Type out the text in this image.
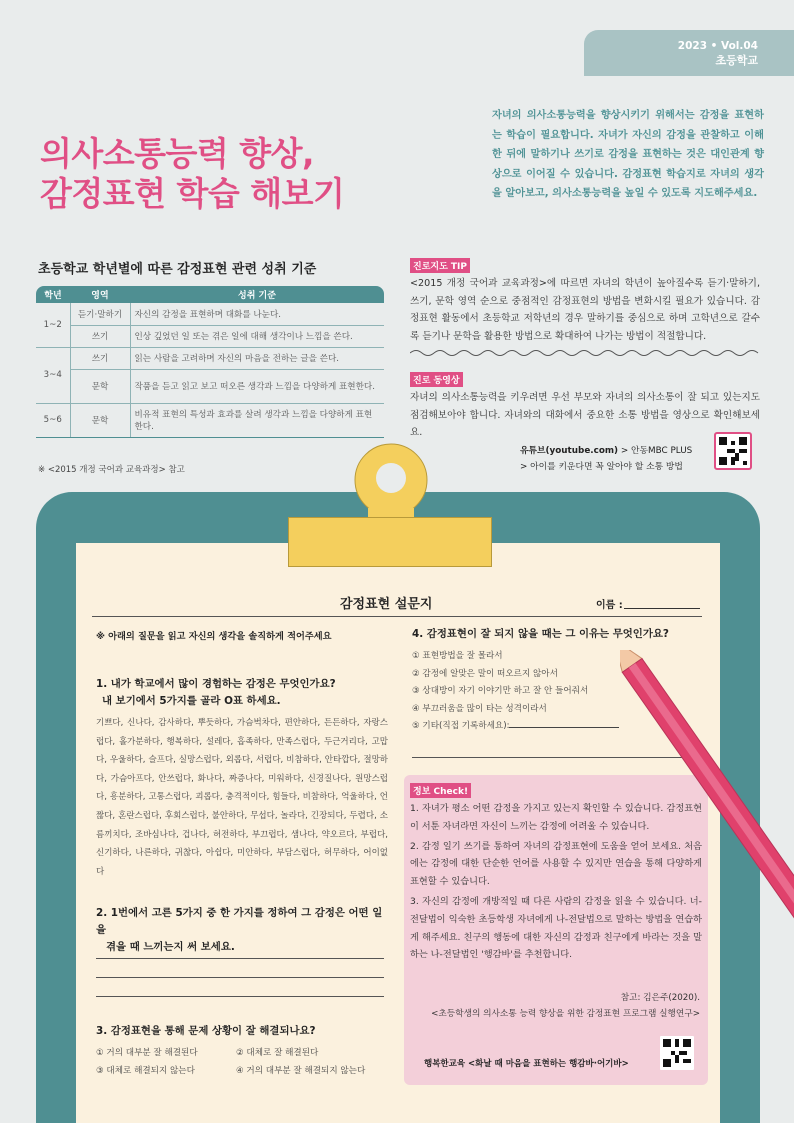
2023 • Vol.04
초등학교
의사소통능력 향상,
감정표현 학습 해보기
자녀의 의사소통능력을 향상시키기 위해서는 감정을 표현하는 학습이 필요합니다. 자녀가 자신의 감정을 관찰하고 이해한 뒤에 말하기나 쓰기로 감정을 표현하는 것은 대인관계 향상으로 이어질 수 있습니다. 감정표현 학습지로 자녀의 생각을 알아보고, 의사소통능력을 높일 수 있도록 지도해주세요.
초등학교 학년별에 따른 감정표현 관련 성취 기준
학년	영역	성취 기준
1~2	듣기·말하기	자신의 감정을 표현하며 대화를 나눈다.
	쓰기	인상 깊었던 일 또는 겪은 일에 대해 생각이나 느낌을 쓴다.
3~4	쓰기	읽는 사람을 고려하며 자신의 마음을 전하는 글을 쓴다.
	문학	작품을 듣고 읽고 보고 떠오른 생각과 느낌을 다양하게 표현한다.
5~6	문학	비유적 표현의 특성과 효과를 살려 생각과 느낌을 다양하게 표현한다.
※ <2015 개정 국어과 교육과정> 참고
진로지도 TIP

<2015 개정 국어과 교육과정>에 따르면 자녀의 학년이 높아질수록 듣기·말하기, 쓰기, 문학 영역 순으로 중점적인 감정표현의 방법을 변화시킬 필요가 있습니다. 감정표현 활동에서 초등학교 저학년의 경우 말하기를 중심으로 하며 고학년으로 갈수록 듣기나 문학을 활용한 방법으로 확대하여 나가는 방법이 적절합니다.

진로 동영상

자녀의 의사소통능력을 키우려면 우선 부모와 자녀의 의사소통이 잘 되고 있는지도 점검해보아야 합니다. 자녀와의 대화에서 중요한 소통 방법을 영상으로 확인해보세요.

유튜브(youtube.com) > 안동MBC PLUS
> 아이를 키운다면 꼭 알아야 할 소통 방법
감정표현 설문지	이름 :
※ 아래의 질문을 읽고 자신의 생각을 솔직하게 적어주세요
1. 내가 학교에서 많이 경험하는 감정은 무엇인가요?
내 보기에서 5가지를 골라 O표 하세요.
기쁘다, 신나다, 감사하다, 뿌듯하다, 가슴벅차다, 편안하다, 든든하다, 자랑스럽다, 홀가분하다, 행복하다, 설레다, 흡족하다, 만족스럽다, 두근거리다, 고맙다, 우울하다, 슬프다, 실망스럽다, 외롭다, 서럽다, 비참하다, 안타깝다, 절망하다, 가슴아프다, 안쓰럽다, 화나다, 짜증나다, 미워하다, 신경질나다, 원망스럽다, 흥분하다, 고통스럽다, 괴롭다, 충격적이다, 힘들다, 비참하다, 억울하다, 언짢다, 혼란스럽다, 후회스럽다, 불안하다, 무섭다, 놀라다, 긴장되다, 두렵다, 소름끼치다, 조바심나다, 겁나다, 허전하다, 부끄럽다, 샘나다, 약오르다, 부럽다, 신기하다, 나른하다, 귀찮다, 아쉽다, 미안하다, 부담스럽다, 허무하다, 어이없다
2. 1번에서 고른 5가지 중 한 가지를 정하여 그 감정은 어떤 일을
겪을 때 느끼는지 써 보세요.
3. 감정표현을 통해 문제 상황이 잘 해결되나요?
① 거의 대부분 잘 해결된다	② 대체로 잘 해결된다
③ 대체로 해결되지 않는다	④ 거의 대부분 잘 해결되지 않는다
4. 감정표현이 잘 되지 않을 때는 그 이유는 무엇인가요?
① 표현방법을 잘 몰라서
② 감정에 알맞은 말이 떠오르지 않아서
③ 상대방이 자기 이야기만 하고 잘 안 들어줘서
④ 부끄러움을 많이 타는 성격이라서
⑤ 기타(직접 기록하세요):
정보 Check!

1. 자녀가 평소 어떤 감정을 가지고 있는지 확인할 수 있습니다. 감정표현이 서툰 자녀라면 자신이 느끼는 감정에 어려울 수 있습니다.

2. 감정 일기 쓰기를 통하여 자녀의 감정표현에 도움을 얻어 보세요. 처음에는 감정에 대한 단순한 언어를 사용할 수 있지만 연습을 통해 다양하게 표현할 수 있습니다.

3. 자신의 감정에 개방적일 때 다른 사람의 감정을 읽을 수 있습니다. 너-전달법이 익숙한 초등학생 자녀에게 나-전달법으로 말하는 방법을 연습하게 해주세요. 친구의 행동에 대한 자신의 감정과 친구에게 바라는 것을 말하는 나-전달법인 '행감바'를 추천합니다.

참고: 김은주(2020).
<초등학생의 의사소통 능력 향상을 위한 감정표현 프로그램 실행연구>
행복한교육 <화날 때 마음을 표현하는 행감바·어기바>
